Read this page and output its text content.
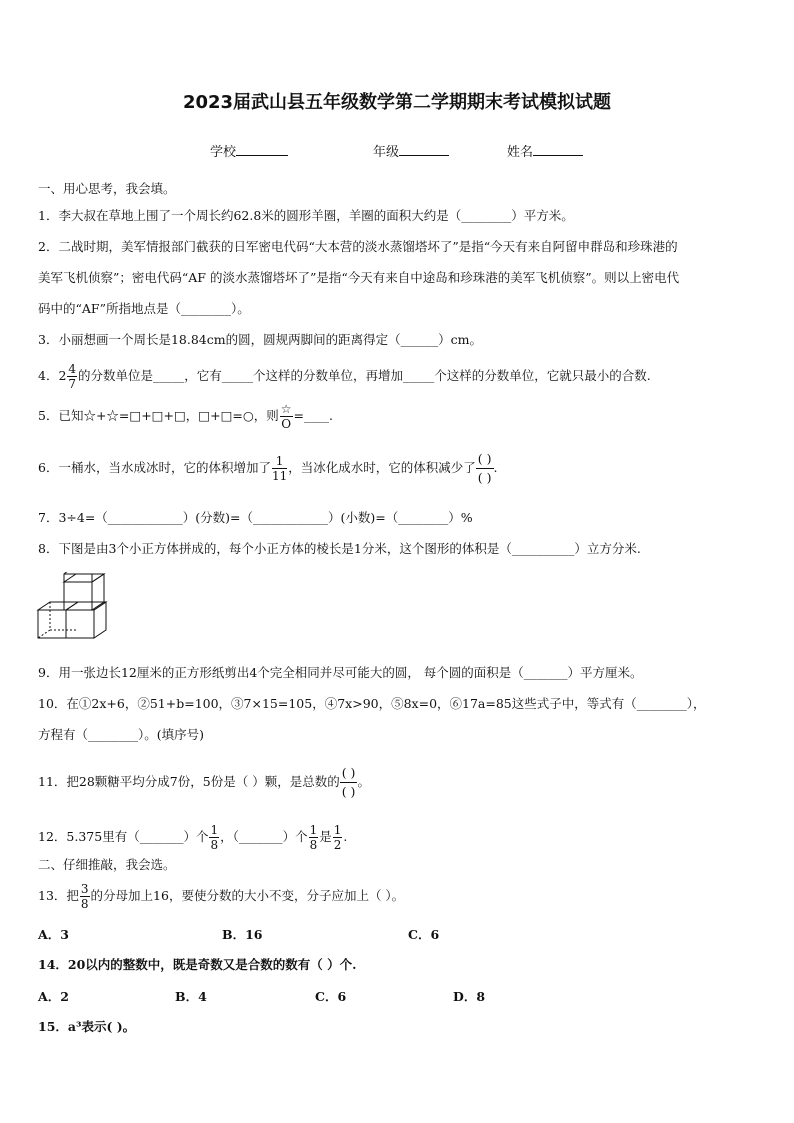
2023届武山县五年级数学第二学期期末考试模拟试题
学校	年级	姓名
一、用心思考，我会填。
1．李大叔在草地上围了一个周长约62.8米的圆形羊圈，羊圈的面积大约是（________）平方米。
2．二战时期，美军情报部门截获的日军密电代码“大本营的淡水蒸馏塔坏了”是指“今天有来自阿留申群岛和珍珠港的
美军飞机侦察”；密电代码“AF 的淡水蒸馏塔坏了”是指“今天有来自中途岛和珍珠港的美军飞机侦察”。则以上密电代
码中的“AF”所指地点是（________）。
3．小丽想画一个周长是18.84cm的圆，圆规两脚间的距离得定（______）cm。
4．$2 \frac{4}{7}$ 的分数单位是_____，它有_____个这样的分数单位，再增加_____个这样的分数单位，它就只最小的合数.
5．已知☆+☆=□+□+□，□+□=○，则 $\frac{☆}{O}$ =____.
6．一桶水，当水成冰时，它的体积增加了 $\frac{1}{11}$ ，当冰化成水时，它的体积减少了
( )
( )
.
7．3÷4=（____________）(分数)=（____________）(小数)=（________）%
8．下图是由3个小正方体拼成的，每个小正方体的棱长是1分米，这个图形的体积是（__________）立方分米.
9．用一张边长12厘米的正方形纸剪出4个完全相同并尽可能大的圆， 每个圆的面积是（_______）平方厘米。
10．在①2x+6，②51+b=100，③7×15=105，④7x>90，⑤8x=0，⑥17a=85这些式子中，等式有（________），
方程有（________）。(填序号)
11．把28颗糖平均分成7份，5份是（ ）颗，是总数的
( )
( )
。
12．5.375里有（_______）个 $\frac{1}{8}$ ，（_______）个 $\frac{1}{8}$ 是 $\frac{1}{2}$ .
二、仔细推敲，我会选。
13．把 $\frac{3}{8}$ 的分母加上16，要使分数的大小不变，分子应加上（ ）。
A．3	B．16	C．6
14．20以内的整数中，既是奇数又是合数的数有（ ）个.
A．2	B．4	C．6	D．8
15．a³表示( )。
